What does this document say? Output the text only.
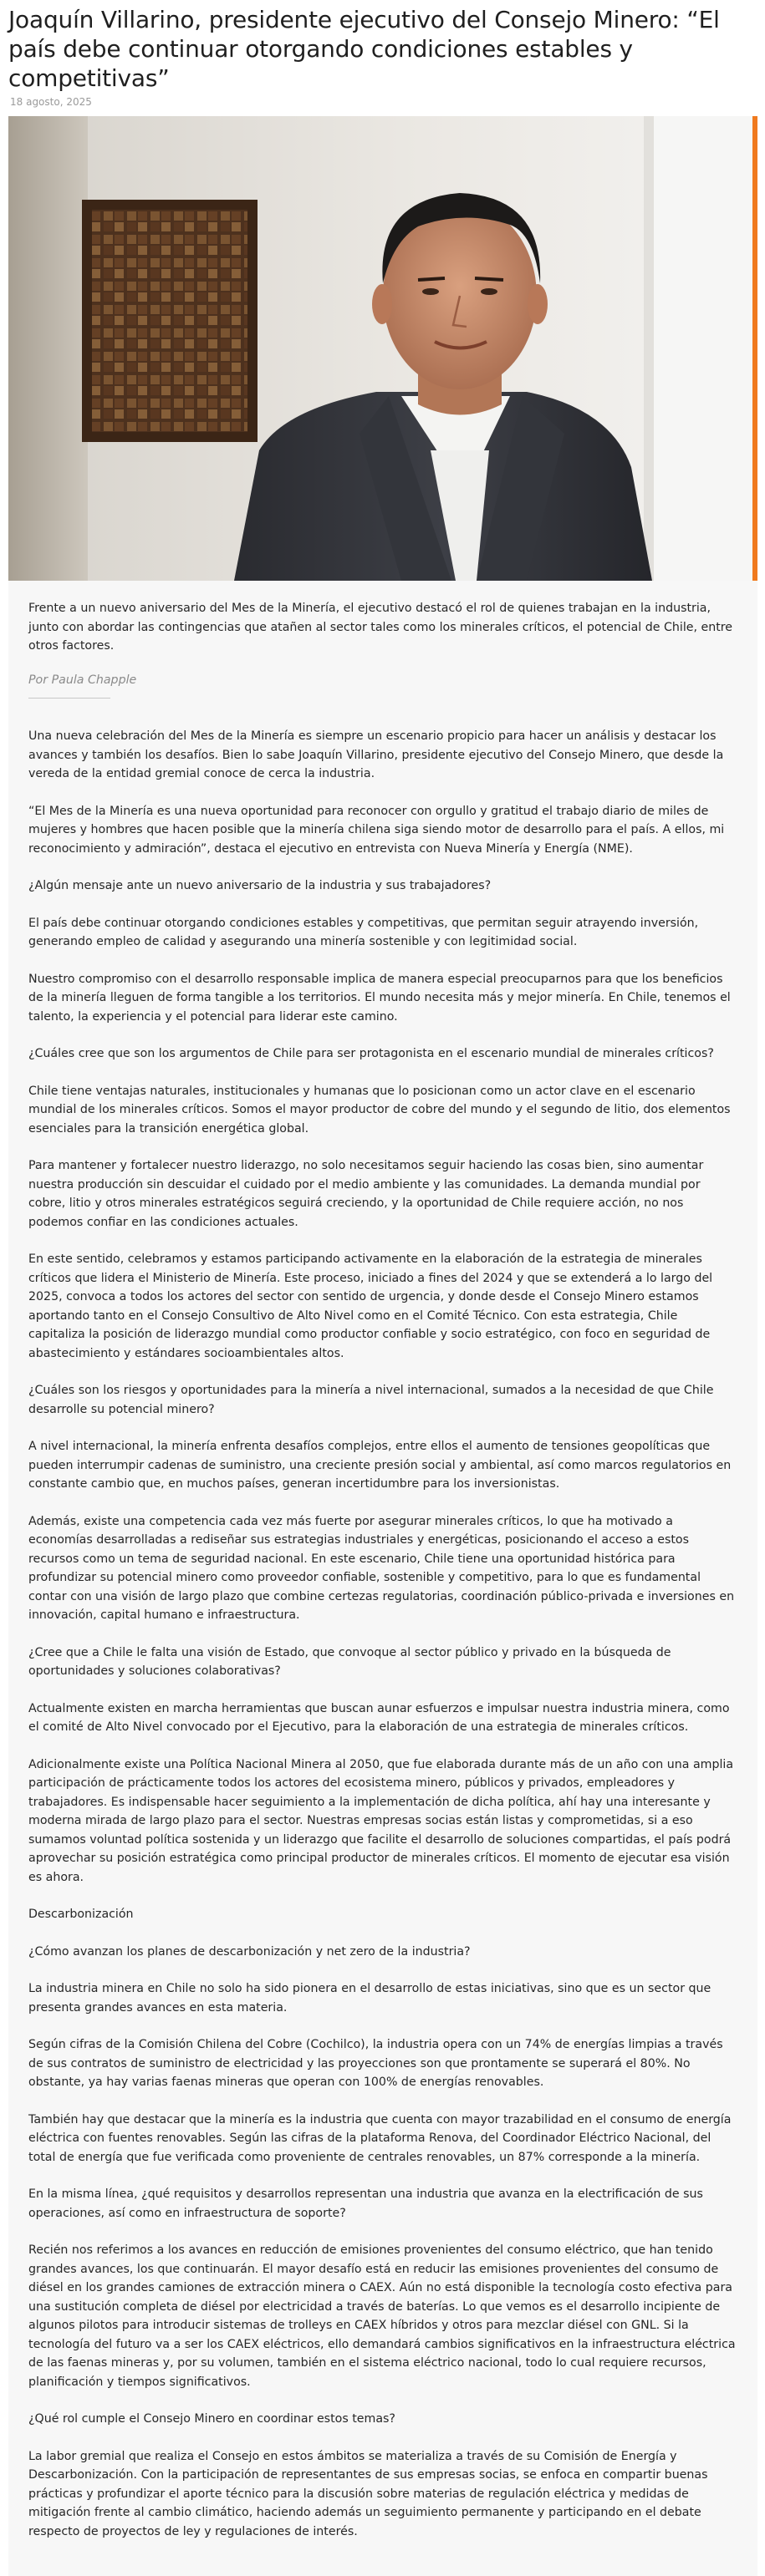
Joaquín Villarino, presidente ejecutivo del Consejo Minero: “El país debe continuar otorgando condiciones estables y competitivas”
18 agosto, 2025

Frente a un nuevo aniversario del Mes de la Minería, el ejecutivo destacó el rol de quienes trabajan en la industria, junto con abordar las contingencias que atañen al sector tales como los minerales críticos, el potencial de Chile, entre otros factores.

Por Paula Chapple

Una nueva celebración del Mes de la Minería es siempre un escenario propicio para hacer un análisis y destacar los avances y también los desafíos. Bien lo sabe Joaquín Villarino, presidente ejecutivo del Consejo Minero, que desde la vereda de la entidad gremial conoce de cerca la industria.

“El Mes de la Minería es una nueva oportunidad para reconocer con orgullo y gratitud el trabajo diario de miles de mujeres y hombres que hacen posible que la minería chilena siga siendo motor de desarrollo para el país. A ellos, mi reconocimiento y admiración”, destaca el ejecutivo en entrevista con Nueva Minería y Energía (NME).

¿Algún mensaje ante un nuevo aniversario de la industria y sus trabajadores?

El país debe continuar otorgando condiciones estables y competitivas, que permitan seguir atrayendo inversión, generando empleo de calidad y asegurando una minería sostenible y con legitimidad social.

Nuestro compromiso con el desarrollo responsable implica de manera especial preocuparnos para que los beneficios de la minería lleguen de forma tangible a los territorios. El mundo necesita más y mejor minería. En Chile, tenemos el talento, la experiencia y el potencial para liderar este camino.

¿Cuáles cree que son los argumentos de Chile para ser protagonista en el escenario mundial de minerales críticos?

Chile tiene ventajas naturales, institucionales y humanas que lo posicionan como un actor clave en el escenario mundial de los minerales críticos. Somos el mayor productor de cobre del mundo y el segundo de litio, dos elementos esenciales para la transición energética global.

Para mantener y fortalecer nuestro liderazgo, no solo necesitamos seguir haciendo las cosas bien, sino aumentar nuestra producción sin descuidar el cuidado por el medio ambiente y las comunidades. La demanda mundial por cobre, litio y otros minerales estratégicos seguirá creciendo, y la oportunidad de Chile requiere acción, no nos podemos confiar en las condiciones actuales.

En este sentido, celebramos y estamos participando activamente en la elaboración de la estrategia de minerales críticos que lidera el Ministerio de Minería. Este proceso, iniciado a fines del 2024 y que se extenderá a lo largo del 2025, convoca a todos los actores del sector con sentido de urgencia, y donde desde el Consejo Minero estamos aportando tanto en el Consejo Consultivo de Alto Nivel como en el Comité Técnico. Con esta estrategia, Chile capitaliza la posición de liderazgo mundial como productor confiable y socio estratégico, con foco en seguridad de abastecimiento y estándares socioambientales altos.

¿Cuáles son los riesgos y oportunidades para la minería a nivel internacional, sumados a la necesidad de que Chile desarrolle su potencial minero?

A nivel internacional, la minería enfrenta desafíos complejos, entre ellos el aumento de tensiones geopolíticas que pueden interrumpir cadenas de suministro, una creciente presión social y ambiental, así como marcos regulatorios en constante cambio que, en muchos países, generan incertidumbre para los inversionistas.

Además, existe una competencia cada vez más fuerte por asegurar minerales críticos, lo que ha motivado a economías desarrolladas a rediseñar sus estrategias industriales y energéticas, posicionando el acceso a estos recursos como un tema de seguridad nacional. En este escenario, Chile tiene una oportunidad histórica para profundizar su potencial minero como proveedor confiable, sostenible y competitivo, para lo que es fundamental contar con una visión de largo plazo que combine certezas regulatorias, coordinación público-privada e inversiones en innovación, capital humano e infraestructura.

¿Cree que a Chile le falta una visión de Estado, que convoque al sector público y privado en la búsqueda de oportunidades y soluciones colaborativas?

Actualmente existen en marcha herramientas que buscan aunar esfuerzos e impulsar nuestra industria minera, como el comité de Alto Nivel convocado por el Ejecutivo, para la elaboración de una estrategia de minerales críticos.

Adicionalmente existe una Política Nacional Minera al 2050, que fue elaborada durante más de un año con una amplia participación de prácticamente todos los actores del ecosistema minero, públicos y privados, empleadores y trabajadores. Es indispensable hacer seguimiento a la implementación de dicha política, ahí hay una interesante y moderna mirada de largo plazo para el sector. Nuestras empresas socias están listas y comprometidas, si a eso sumamos voluntad política sostenida y un liderazgo que facilite el desarrollo de soluciones compartidas, el país podrá aprovechar su posición estratégica como principal productor de minerales críticos. El momento de ejecutar esa visión es ahora.

Descarbonización

¿Cómo avanzan los planes de descarbonización y net zero de la industria?

La industria minera en Chile no solo ha sido pionera en el desarrollo de estas iniciativas, sino que es un sector que presenta grandes avances en esta materia.

Según cifras de la Comisión Chilena del Cobre (Cochilco), la industria opera con un 74% de energías limpias a través de sus contratos de suministro de electricidad y las proyecciones son que prontamente se superará el 80%. No obstante, ya hay varias faenas mineras que operan con 100% de energías renovables.

También hay que destacar que la minería es la industria que cuenta con mayor trazabilidad en el consumo de energía eléctrica con fuentes renovables. Según las cifras de la plataforma Renova, del Coordinador Eléctrico Nacional, del total de energía que fue verificada como proveniente de centrales renovables, un 87% corresponde a la minería.

En la misma línea, ¿qué requisitos y desarrollos representan una industria que avanza en la electrificación de sus operaciones, así como en infraestructura de soporte?

Recién nos referimos a los avances en reducción de emisiones provenientes del consumo eléctrico, que han tenido grandes avances, los que continuarán. El mayor desafío está en reducir las emisiones provenientes del consumo de diésel en los grandes camiones de extracción minera o CAEX. Aún no está disponible la tecnología costo efectiva para una sustitución completa de diésel por electricidad a través de baterías. Lo que vemos es el desarrollo incipiente de algunos pilotos para introducir sistemas de trolleys en CAEX híbridos y otros para mezclar diésel con GNL. Si la tecnología del futuro va a ser los CAEX eléctricos, ello demandará cambios significativos en la infraestructura eléctrica de las faenas mineras y, por su volumen, también en el sistema eléctrico nacional, todo lo cual requiere recursos, planificación y tiempos significativos.

¿Qué rol cumple el Consejo Minero en coordinar estos temas?

La labor gremial que realiza el Consejo en estos ámbitos se materializa a través de su Comisión de Energía y Descarbonización. Con la participación de representantes de sus empresas socias, se enfoca en compartir buenas prácticas y profundizar el aporte técnico para la discusión sobre materias de regulación eléctrica y medidas de mitigación frente al cambio climático, haciendo además un seguimiento permanente y participando en el debate respecto de proyectos de ley y regulaciones de interés.
